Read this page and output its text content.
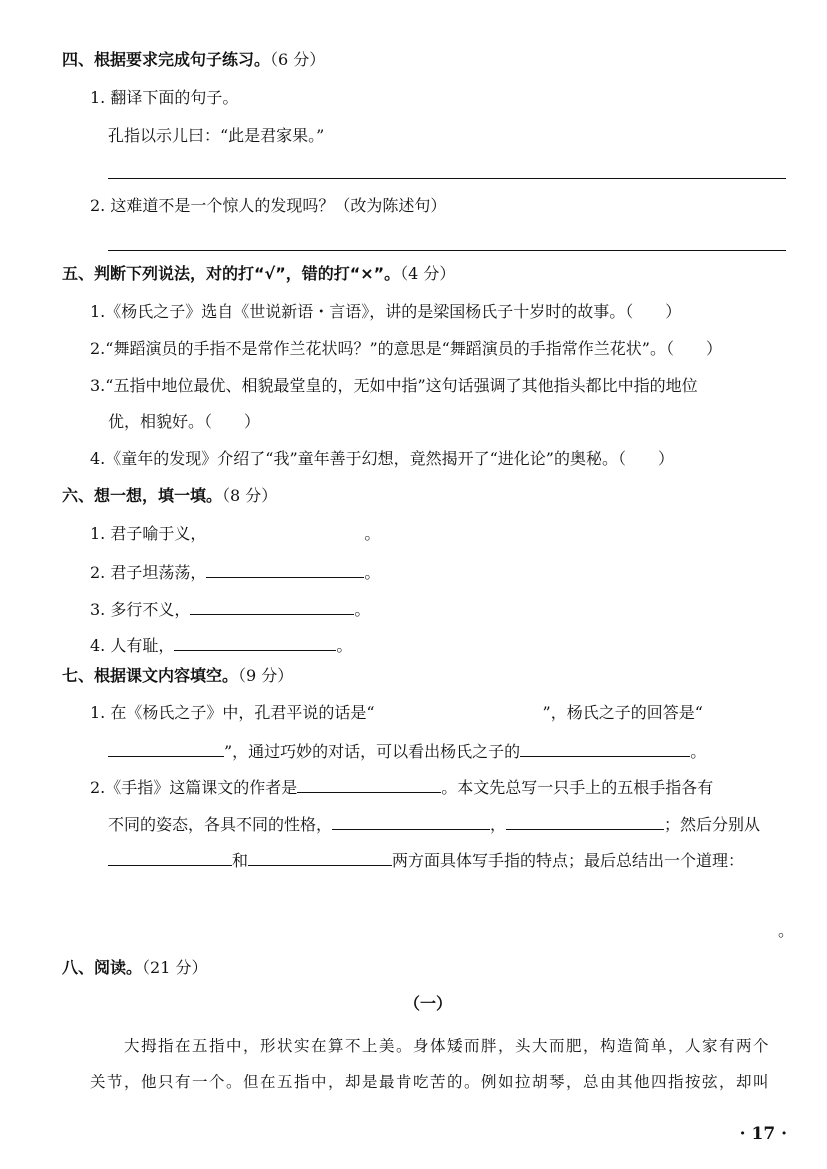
四、根据要求完成句子练习。（6 分）
1. 翻译下面的句子。
孔指以示儿曰：“此是君家果。”
2. 这难道不是一个惊人的发现吗？（改为陈述句）
五、判断下列说法，对的打“√”，错的打“×”。（4 分）
1.《杨氏之子》选自《世说新语・言语》，讲的是梁国杨氏子十岁时的故事。（　　）
2.“舞蹈演员的手指不是常作兰花状吗？”的意思是“舞蹈演员的手指常作兰花状”。（　　）
3.“五指中地位最优、相貌最堂皇的，无如中指”这句话强调了其他指头都比中指的地位
优，相貌好。（　　）
4.《童年的发现》介绍了“我”童年善于幻想，竟然揭开了“进化论”的奥秘。（　　）
六、想一想，填一填。（8 分）
1. 君子喻于义，	。
2. 君子坦荡荡，	。
3. 多行不义，	。
4. 人有耻，	。
七、根据课文内容填空。（9 分）
1. 在《杨氏之子》中，孔君平说的话是“	”，杨氏之子的回答是“
”，通过巧妙的对话，可以看出杨氏之子的	。
2.《手指》这篇课文的作者是	。本文先总写一只手上的五根手指各有
不同的姿态，各具不同的性格，	，	；然后分别从
和	两方面具体写手指的特点；最后总结出一个道理：
。
八、阅读。（21 分）
（一）
　　大拇指在五指中，形状实在算不上美。身体矮而胖，头大而肥，构造简单，人家有两个
关节，他只有一个。但在五指中，却是最肯吃苦的。例如拉胡琴，总由其他四指按弦，却叫
· 17 ·
